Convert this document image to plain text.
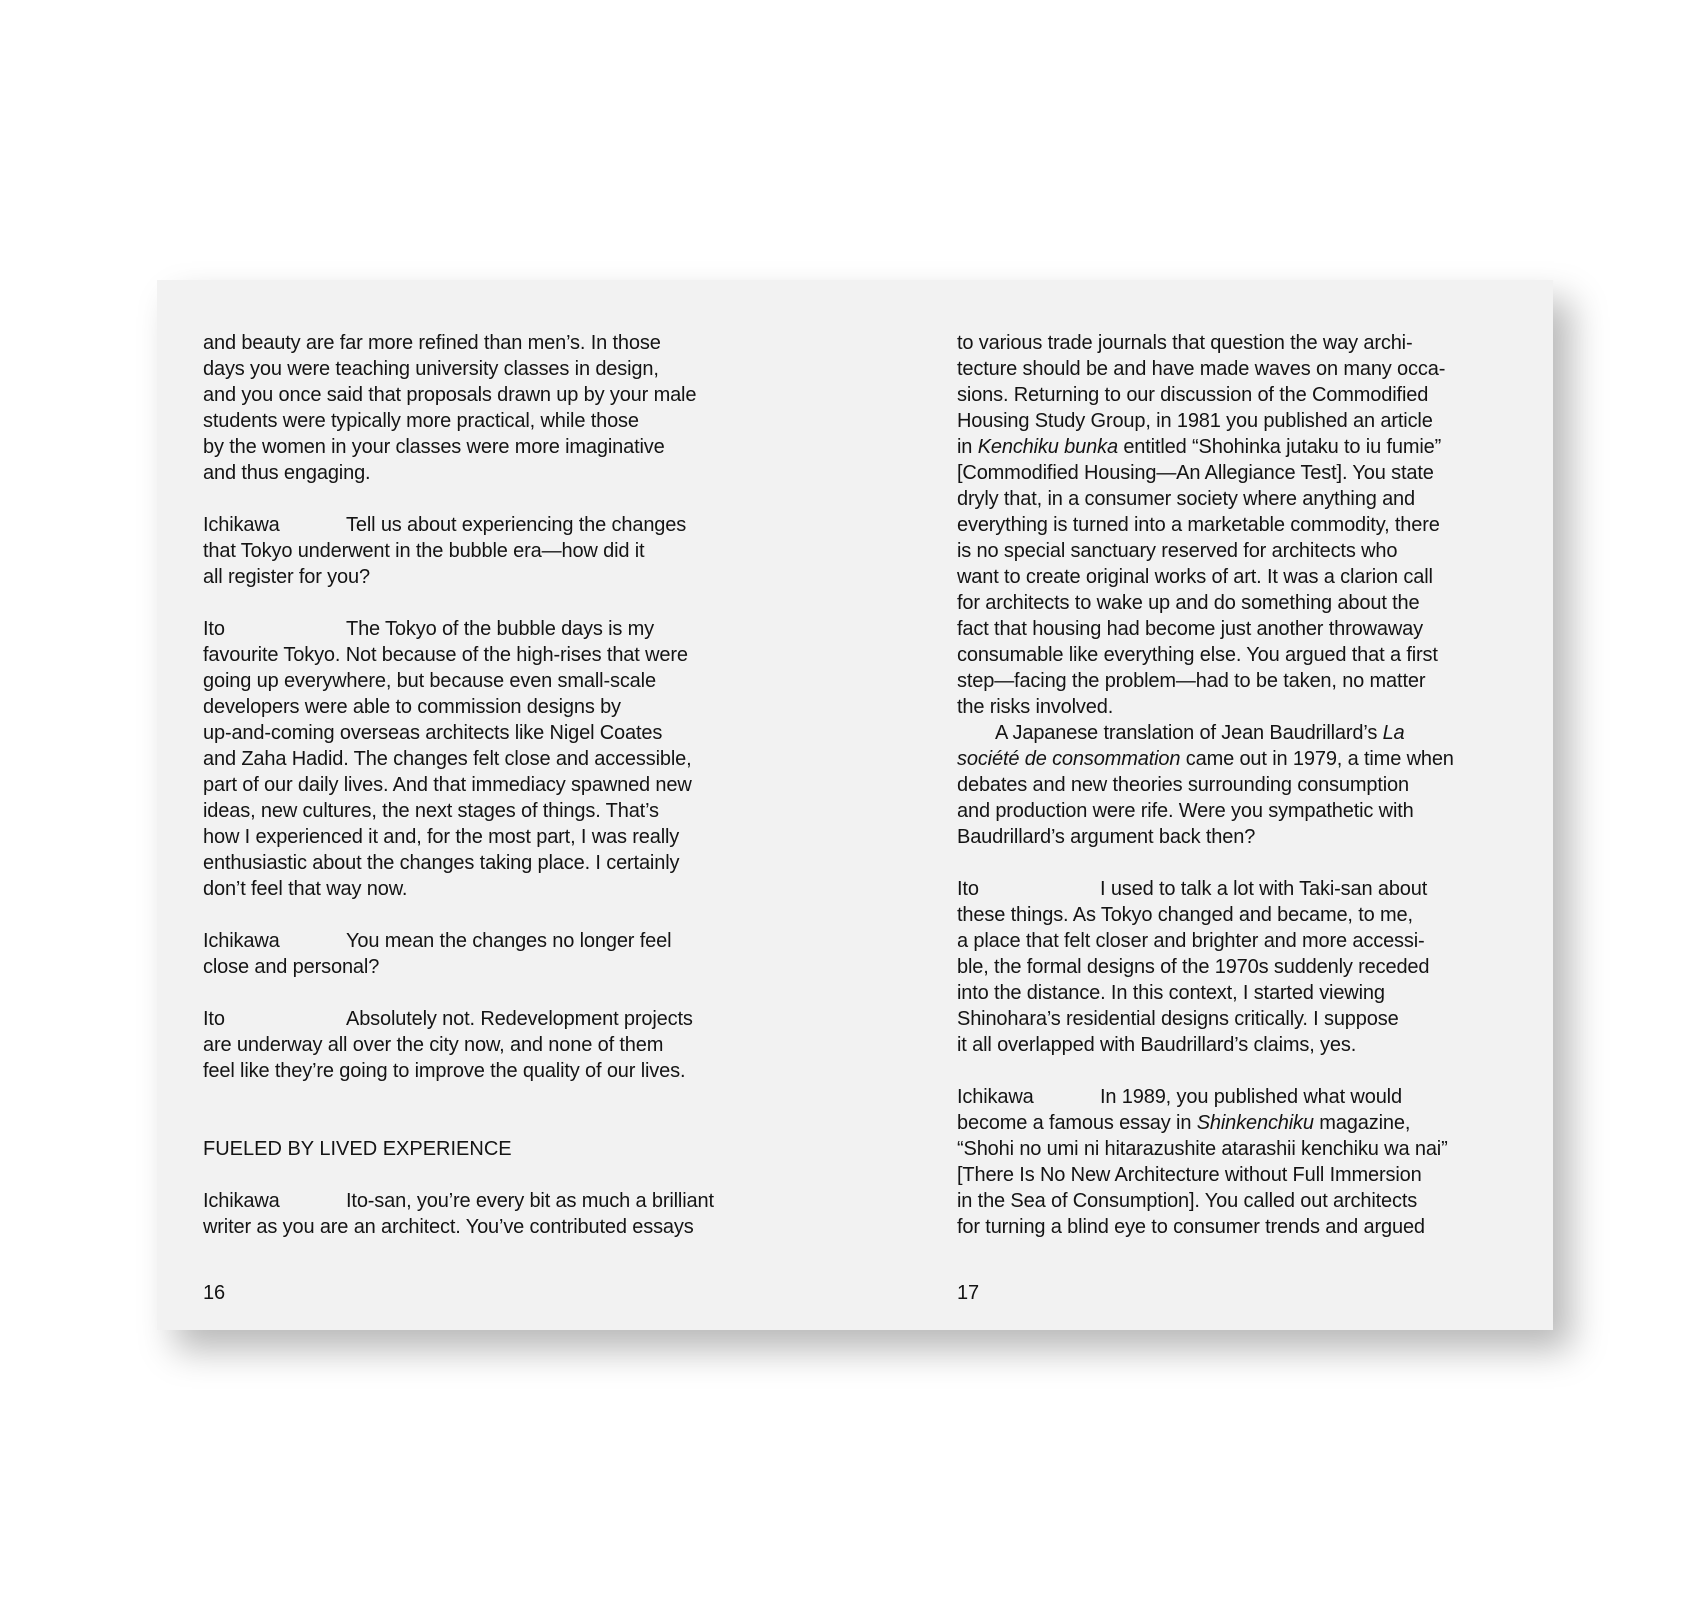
and beauty are far more refined than men’s. In those
days you were teaching university classes in design,
and you once said that proposals drawn up by your male
students were typically more practical, while those
by the women in your classes were more imaginative
and thus engaging.
Ichikawa	Tell us about experiencing the changes
that Tokyo underwent in the bubble era—how did it
all register for you?
Ito	The Tokyo of the bubble days is my
favourite Tokyo. Not because of the high-rises that were
going up everywhere, but because even small-scale
developers were able to commission designs by
up-and-coming overseas architects like Nigel Coates
and Zaha Hadid. The changes felt close and accessible,
part of our daily lives. And that immediacy spawned new
ideas, new cultures, the next stages of things. That’s
how I experienced it and, for the most part, I was really
enthusiastic about the changes taking place. I certainly
don’t feel that way now.
Ichikawa	You mean the changes no longer feel
close and personal?
Ito	Absolutely not. Redevelopment projects
are underway all over the city now, and none of them
feel like they’re going to improve the quality of our lives.
FUELED BY LIVED EXPERIENCE
Ichikawa	Ito-san, you’re every bit as much a brilliant
writer as you are an architect. You’ve contributed essays
16
to various trade journals that question the way archi-
tecture should be and have made waves on many occa-
sions. Returning to our discussion of the Commodified
Housing Study Group, in 1981 you published an article
in Kenchiku bunka entitled “Shohinka jutaku to iu fumie”
[Commodified Housing—An Allegiance Test]. You state
dryly that, in a consumer society where anything and
everything is turned into a marketable commodity, there
is no special sanctuary reserved for architects who
want to create original works of art. It was a clarion call
for architects to wake up and do something about the
fact that housing had become just another throwaway
consumable like everything else. You argued that a first
step—facing the problem—had to be taken, no matter
the risks involved.
A Japanese translation of Jean Baudrillard’s La
société de consommation came out in 1979, a time when
debates and new theories surrounding consumption
and production were rife. Were you sympathetic with
Baudrillard’s argument back then?
Ito	I used to talk a lot with Taki-san about
these things. As Tokyo changed and became, to me,
a place that felt closer and brighter and more accessi-
ble, the formal designs of the 1970s suddenly receded
into the distance. In this context, I started viewing
Shinohara’s residential designs critically. I suppose
it all overlapped with Baudrillard’s claims, yes.
Ichikawa	In 1989, you published what would
become a famous essay in Shinkenchiku magazine,
“Shohi no umi ni hitarazushite atarashii kenchiku wa nai”
[There Is No New Architecture without Full Immersion
in the Sea of Consumption]. You called out architects
for turning a blind eye to consumer trends and argued
17
